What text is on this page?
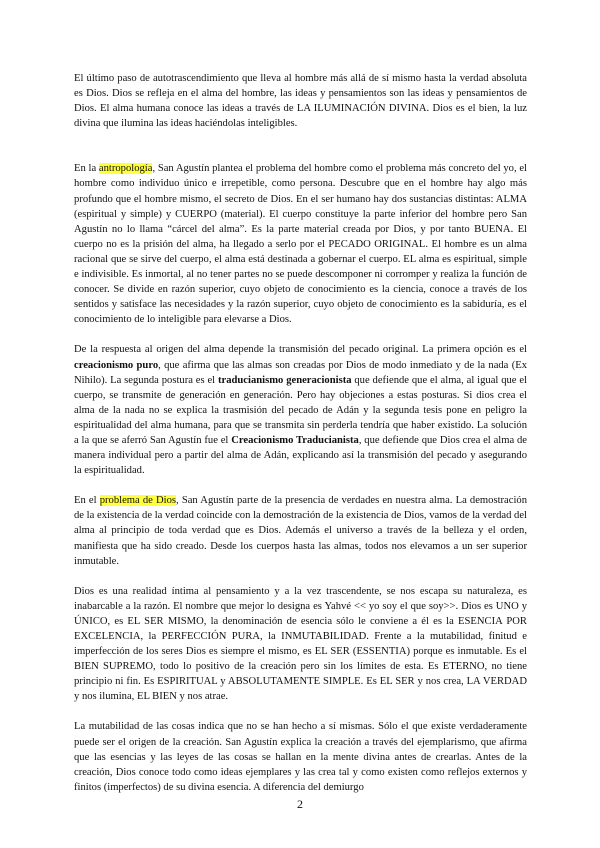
El último paso de autotrascendimiento que lleva al hombre más allá de sí mismo hasta la verdad absoluta es Dios. Dios se refleja en el alma del hombre, las ideas y pensamientos son las ideas y pensamientos de Dios. El alma humana conoce las ideas a través de LA ILUMINACIÓN DIVINA. Dios es el bien, la luz divina que ilumina las ideas haciéndolas inteligibles.

En la antropología, San Agustín plantea el problema del hombre como el problema más concreto del yo, el hombre como individuo único e irrepetible, como persona. Descubre que en el hombre hay algo más profundo que el hombre mismo, el secreto de Dios. En el ser humano hay dos sustancias distintas: ALMA (espiritual y simple) y CUERPO (material). El cuerpo constituye la parte inferior del hombre pero San Agustín no lo llama “cárcel del alma”. Es la parte material creada por Dios, y por tanto BUENA. El cuerpo no es la prisión del alma, ha llegado a serlo por el PECADO ORIGINAL. El hombre es un alma racional que se sirve del cuerpo, el alma está destinada a gobernar el cuerpo. EL alma es espiritual, simple e indivisible. Es inmortal, al no tener partes no se puede descomponer ni corromper y realiza la función de conocer. Se divide en razón superior, cuyo objeto de conocimiento es la ciencia, conoce a través de los sentidos y satisface las necesidades y la razón superior, cuyo objeto de conocimiento es la sabiduría, es el conocimiento de lo inteligible para elevarse a Dios.

De la respuesta al origen del alma depende la transmisión del pecado original. La primera opción es el creacionismo puro, que afirma que las almas son creadas por Dios de modo inmediato y de la nada (Ex Nihilo). La segunda postura es el traducianismo generacionista que defiende que el alma, al igual que el cuerpo, se transmite de generación en generación. Pero hay objeciones a estas posturas. Si dios crea el alma de la nada no se explica la trasmisión del pecado de Adán y la segunda tesis pone en peligro la espiritualidad del alma humana, para que se transmita sin perderla tendría que haber existido. La solución a la que se aferró San Agustín fue el Creacionismo Traducianista, que defiende que Dios crea el alma de manera individual pero a partir del alma de Adán, explicando así la transmisión del pecado y asegurando la espiritualidad.

En el problema de Dios, San Agustín parte de la presencia de verdades en nuestra alma. La demostración de la existencia de la verdad coincide con la demostración de la existencia de Dios, vamos de la verdad del alma al principio de toda verdad que es Dios. Además el universo a través de la belleza y el orden, manifiesta que ha sido creado. Desde los cuerpos hasta las almas, todos nos elevamos a un ser superior inmutable.

Dios es una realidad íntima al pensamiento y a la vez trascendente, se nos escapa su naturaleza, es inabarcable a la razón. El nombre que mejor lo designa es Yahvé << yo soy el que soy>>. Dios es UNO y ÚNICO, es EL SER MISMO, la denominación de esencia sólo le conviene a él es la ESENCIA POR EXCELENCIA, la PERFECCIÓN PURA, la INMUTABILIDAD. Frente a la mutabilidad, finitud e imperfección de los seres Dios es siempre el mismo, es EL SER (ESSENTIA) porque es inmutable. Es el BIEN SUPREMO, todo lo positivo de la creación pero sin los límites de esta. Es ETERNO, no tiene principio ni fin. Es ESPIRITUAL y ABSOLUTAMENTE SIMPLE. Es EL SER y nos crea, LA VERDAD y nos ilumina, EL BIEN y nos atrae.

La mutabilidad de las cosas indica que no se han hecho a sí mismas. Sólo el que existe verdaderamente puede ser el origen de la creación. San Agustín explica la creación a través del ejemplarismo, que afirma que las esencias y las leyes de las cosas se hallan en la mente divina antes de crearlas. Antes de la creación, Dios conoce todo como ideas ejemplares y las crea tal y como existen como reflejos externos y finitos (imperfectos) de su divina esencia. A diferencia del demiurgo

2
